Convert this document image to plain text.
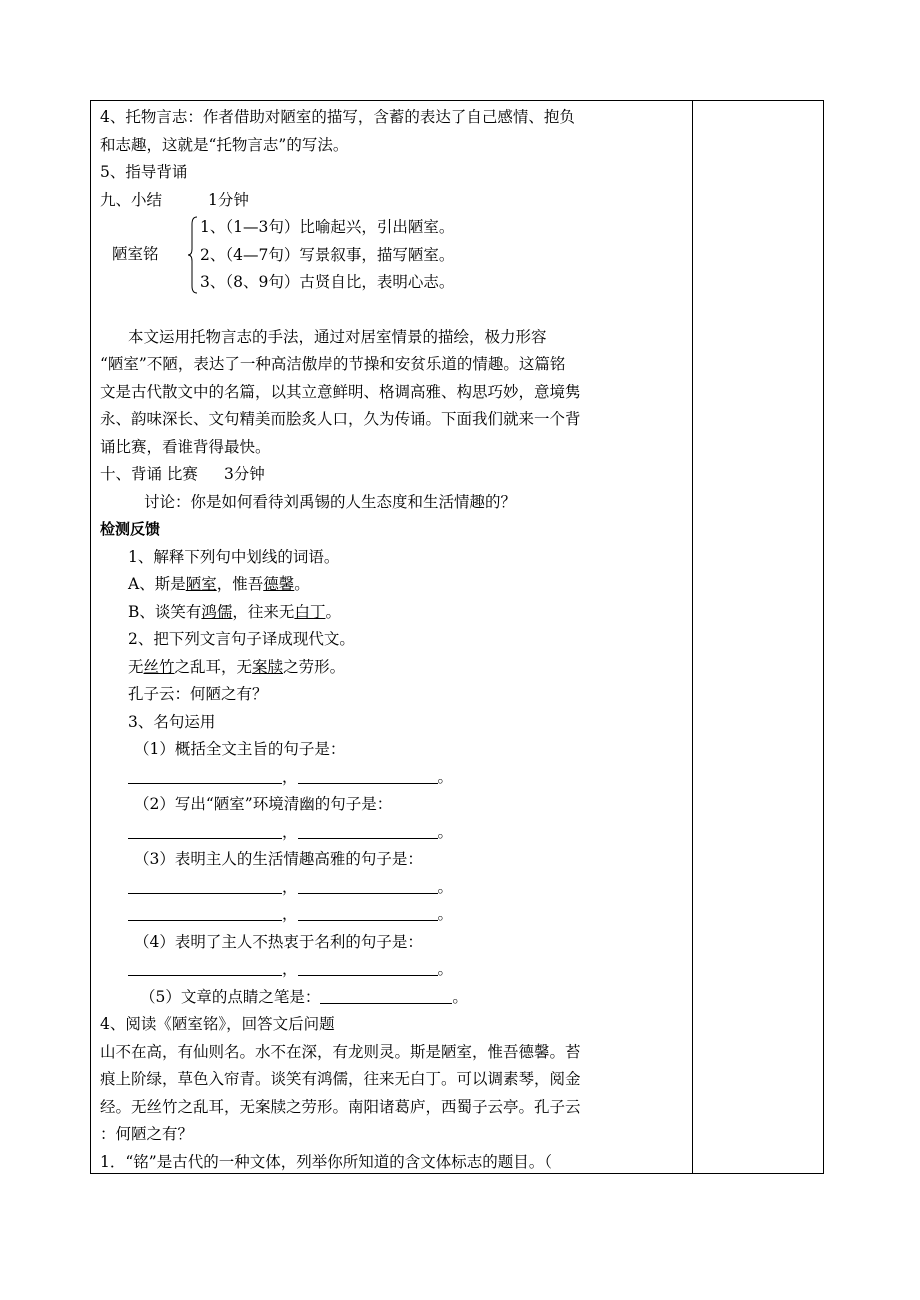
4、托物言志：作者借助对陋室的描写，含蓄的表达了自己感情、抱负
和志趣，这就是“托物言志”的写法。
5、指导背诵
九、小结	1分钟
陋室铭
1、（1—3句）比喻起兴，引出陋室。
2、（4—7句）写景叙事，描写陋室。
3、（8、9句）古贤自比，表明心志。
本文运用托物言志的手法，通过对居室情景的描绘，极力形容
“陋室”不陋，表达了一种高洁傲岸的节操和安贫乐道的情趣。这篇铭
文是古代散文中的名篇，以其立意鲜明、格调高雅、构思巧妙，意境隽
永、韵味深长、文句精美而脍炙人口，久为传诵。下面我们就来一个背
诵比赛，看谁背得最快。
十、背诵 比赛 3分钟
讨论：你是如何看待刘禹锡的人生态度和生活情趣的？
检测反馈
1、解释下列句中划线的词语。
A、斯是陋室，惟吾德馨。
B、谈笑有鸿儒，往来无白丁。
2、把下列文言句子译成现代文。
无丝竹之乱耳，无案牍之劳形。
孔子云：何陋之有？
3、名句运用
（1）概括全文主旨的句子是：
，	。
（2）写出“陋室”环境清幽的句子是：
，	。
（3）表明主人的生活情趣高雅的句子是：
，	。
，	。
（4）表明了主人不热衷于名利的句子是：
，	。
（5）文章的点睛之笔是：	。
4、阅读《陋室铭》，回答文后问题
山不在高，有仙则名。水不在深，有龙则灵。斯是陋室，惟吾德馨。苔
痕上阶绿，草色入帘青。谈笑有鸿儒，往来无白丁。可以调素琴，阅金
经。无丝竹之乱耳，无案牍之劳形。南阳诸葛庐，西蜀子云亭。孔子云
：何陋之有？
1．“铭”是古代的一种文体，列举你所知道的含文体标志的题目。（
